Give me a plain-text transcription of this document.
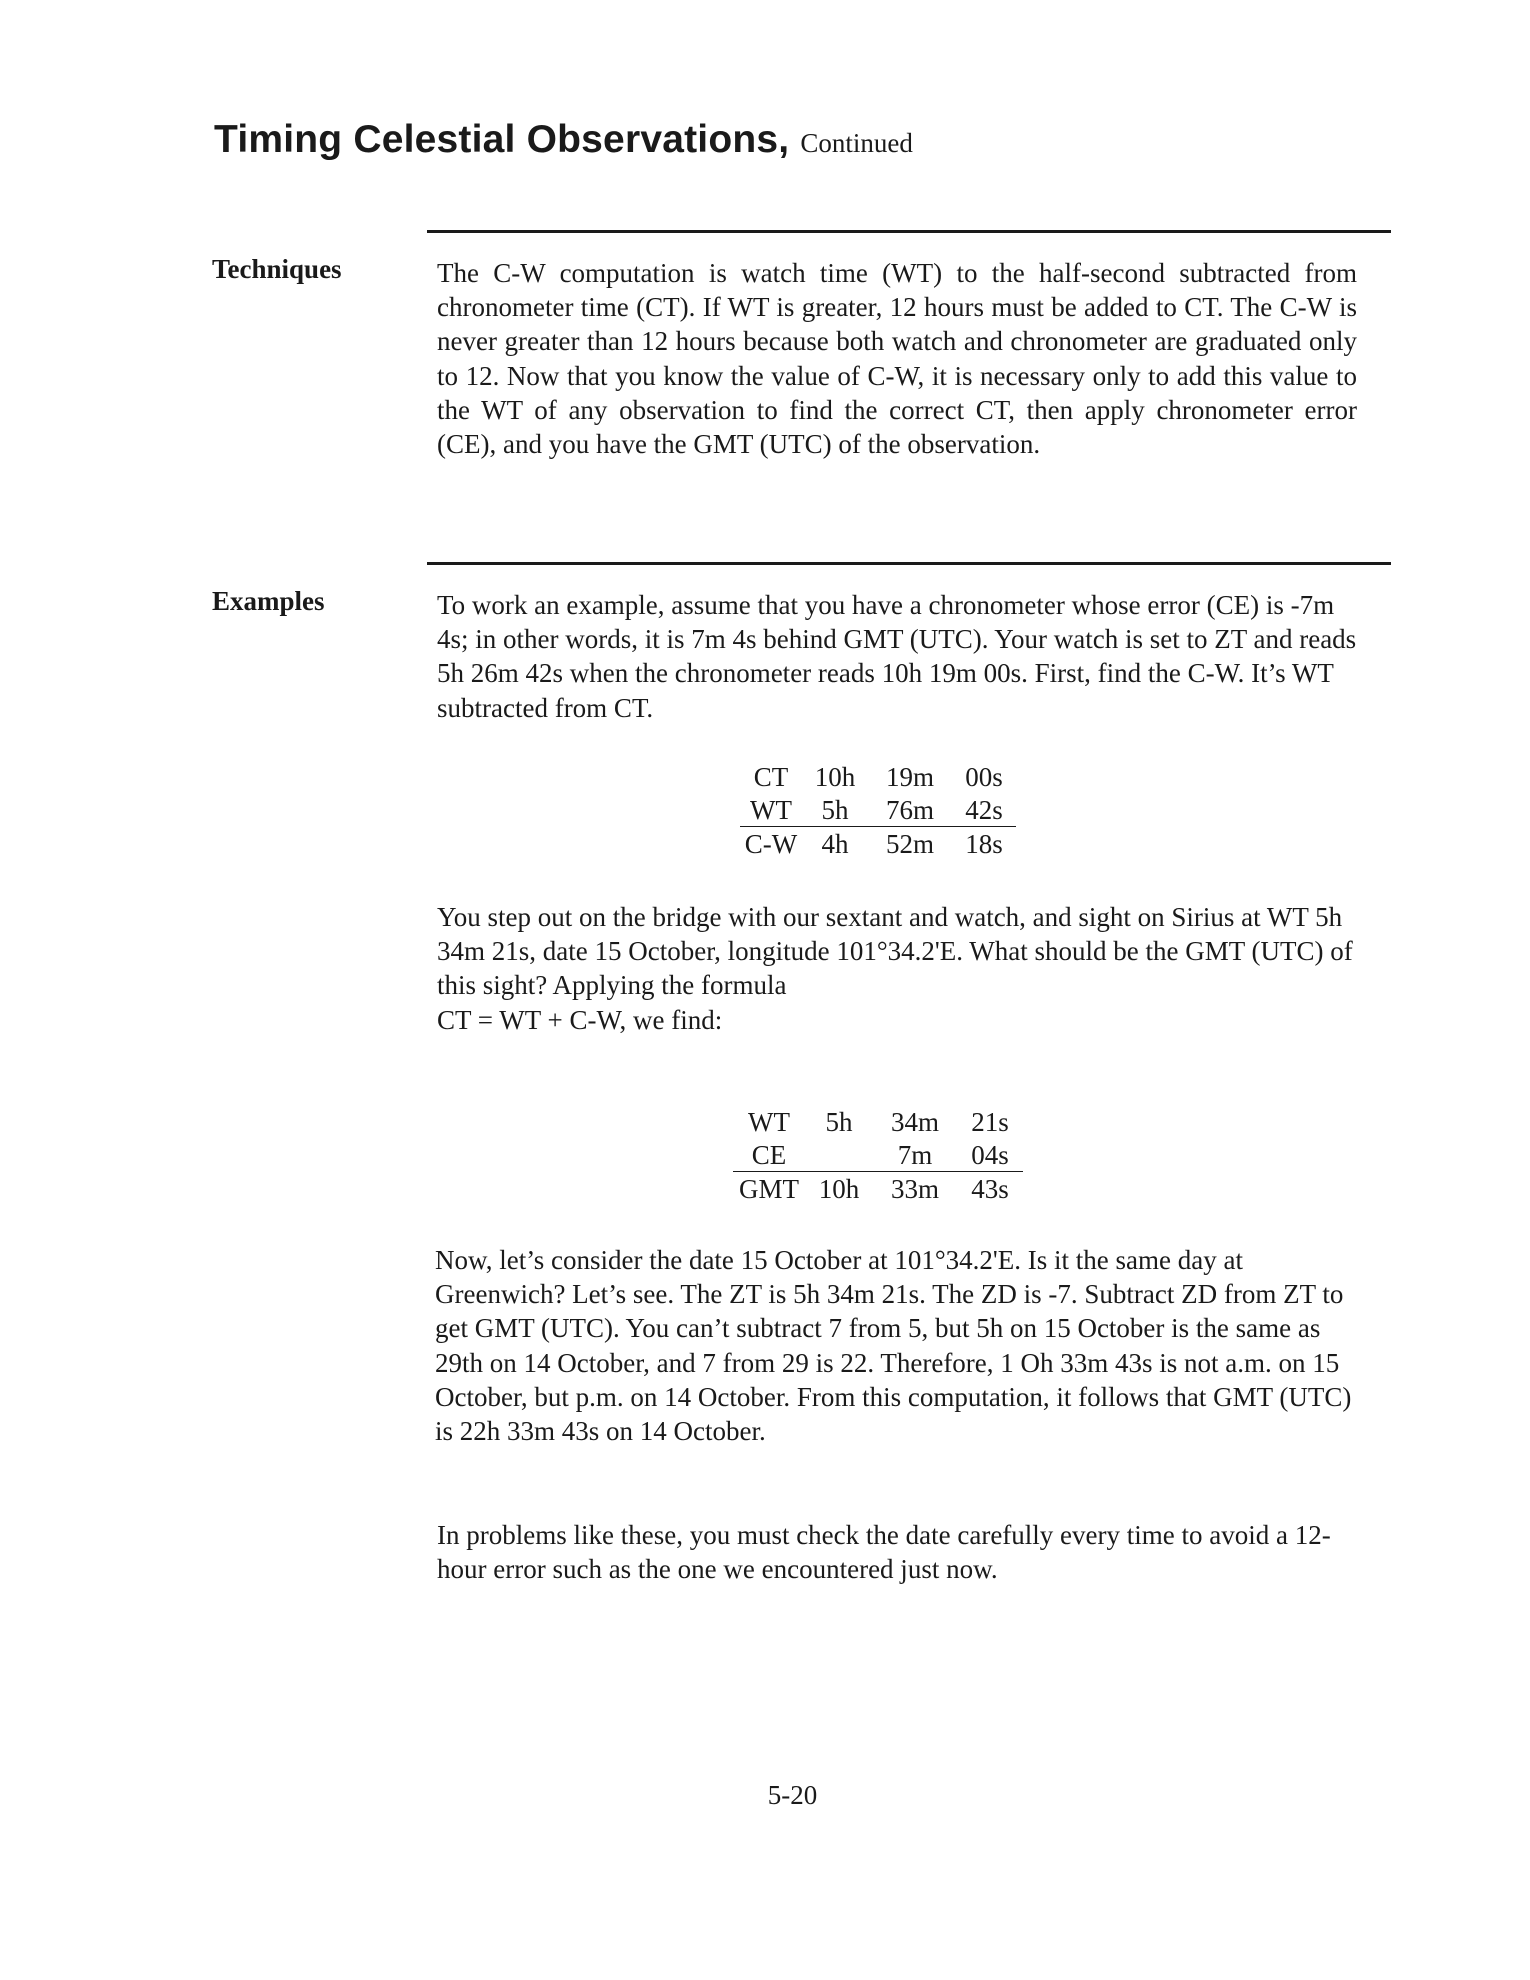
Timing Celestial Observations, Continued

Techniques	The C-W computation is watch time (WT) to the half-second subtracted from chronometer time (CT). If WT is greater, 12 hours must be added to CT. The C-W is never greater than 12 hours because both watch and chronometer are graduated only to 12. Now that you know the value of C-W, it is necessary only to add this value to the WT of any observation to find the correct CT, then apply chronometer error (CE), and you have the GMT (UTC) of the observation.

Examples	To work an example, assume that you have a chronometer whose error (CE) is -7m 4s; in other words, it is 7m 4s behind GMT (UTC). Your watch is set to ZT and reads 5h 26m 42s when the chronometer reads 10h 19m 00s. First, find the C-W. It’s WT subtracted from CT.

CT	10h	19m	00s
WT	5h	76m	42s
C-W	4h	52m	18s

You step out on the bridge with our sextant and watch, and sight on Sirius at WT 5h 34m 21s, date 15 October, longitude 101°34.2'E. What should be the GMT (UTC) of this sight? Applying the formula
CT = WT + C-W, we find:

WT	5h	34m	21s
CE		7m	04s
GMT	10h	33m	43s

Now, let’s consider the date 15 October at 101°34.2'E. Is it the same day at Greenwich? Let’s see. The ZT is 5h 34m 21s. The ZD is -7. Subtract ZD from ZT to get GMT (UTC). You can’t subtract 7 from 5, but 5h on 15 October is the same as 29th on 14 October, and 7 from 29 is 22. Therefore, 1 Oh 33m 43s is not a.m. on 15 October, but p.m. on 14 October. From this computation, it follows that GMT (UTC) is 22h 33m 43s on 14 October.

In problems like these, you must check the date carefully every time to avoid a 12-hour error such as the one we encountered just now.

5-20
